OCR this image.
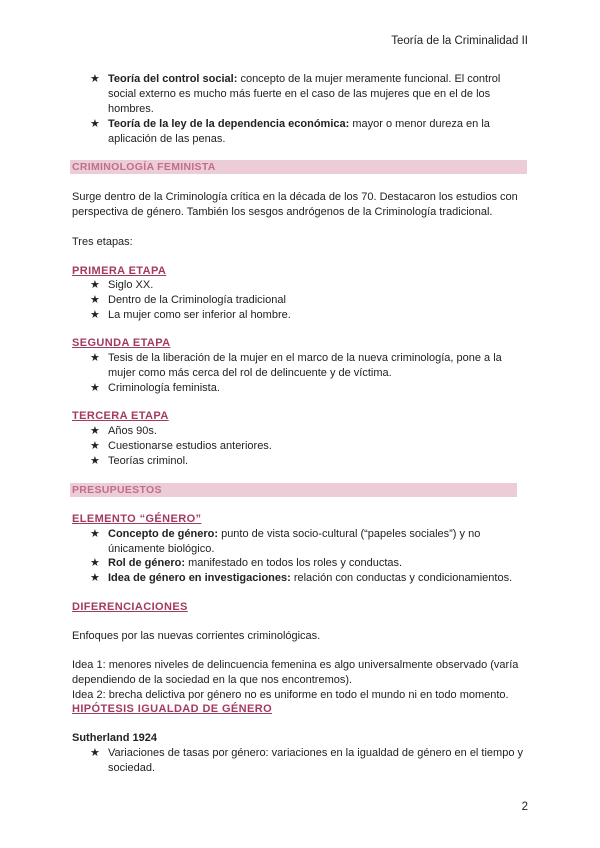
Teoría de la Criminalidad II
★ Teoría del control social: concepto de la mujer meramente funcional. El control social externo es mucho más fuerte en el caso de las mujeres que en el de los hombres.
★ Teoría de la ley de la dependencia económica: mayor o menor dureza en la aplicación de las penas.
CRIMINOLOGÍA FEMINISTA
Surge dentro de la Criminología crítica en la década de los 70. Destacaron los estudios con perspectiva de género. También los sesgos andrógenos de la Criminología tradicional.
Tres etapas:
PRIMERA ETAPA
★ Siglo XX.
★ Dentro de la Criminología tradicional
★ La mujer como ser inferior al hombre.
SEGUNDA ETAPA
★ Tesis de la liberación de la mujer en el marco de la nueva criminología, pone a la mujer como más cerca del rol de delincuente y de víctima.
★ Criminología feminista.
TERCERA ETAPA
★ Años 90s.
★ Cuestionarse estudios anteriores.
★ Teorías criminol.
PRESUPUESTOS
ELEMENTO “GÉNERO”
★ Concepto de género: punto de vista socio-cultural (“papeles sociales”) y no únicamente biológico.
★ Rol de género: manifestado en todos los roles y conductas.
★ Idea de género en investigaciones: relación con conductas y condicionamientos.
DIFERENCIACIONES
Enfoques por las nuevas corrientes criminológicas.
Idea 1: menores niveles de delincuencia femenina es algo universalmente observado (varía dependiendo de la sociedad en la que nos encontremos).
Idea 2: brecha delictiva por género no es uniforme en todo el mundo ni en todo momento.
HIPÓTESIS IGUALDAD DE GÉNERO
Sutherland 1924
★ Variaciones de tasas por género: variaciones en la igualdad de género en el tiempo y sociedad.
2
